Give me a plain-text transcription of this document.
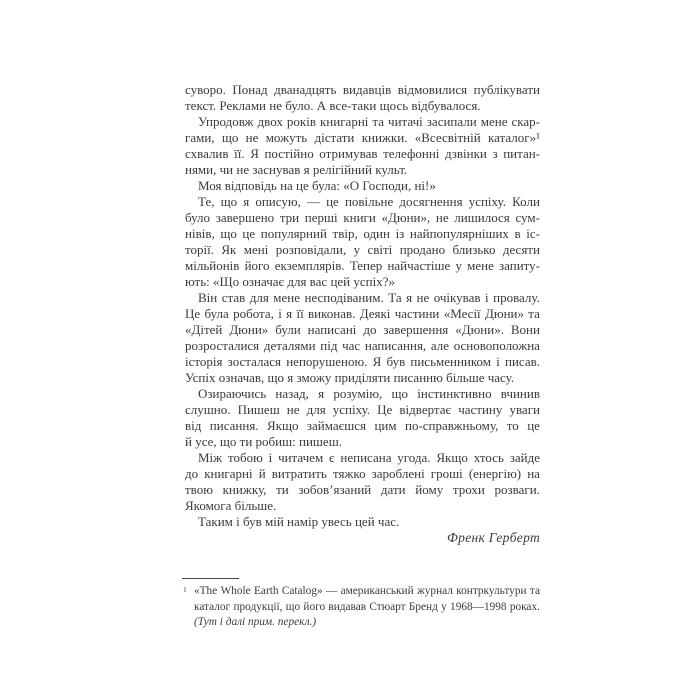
суворо. Понад дванадцять видавців відмовилися публікувати
текст. Реклами не було. А все-таки щось відбувалося.
Упродовж двох років книгарні та читачі засипали мене скар-
гами, що не можуть дістати книжки. «Всесвітній каталог»¹
схвалив її. Я постійно отримував телефонні дзвінки з питан-
нями, чи не заснував я релігійний культ.
Моя відповідь на це була: «О Господи, ні!»
Те, що я описую, — це повільне досягнення успіху. Коли
було завершено три перші книги «Дюни», не лишилося сум-
нівів, що це популярний твір, один із найпопулярніших в іс-
торії. Як мені розповідали, у світі продано близько десяти
мільйонів його екземплярів. Тепер найчастіше у мене запиту-
ють: «Що означає для вас цей успіх?»
Він став для мене несподіваним. Та я не очікував і провалу.
Це була робота, і я її виконав. Деякі частини «Месії Дюни» та
«Дітей Дюни» були написані до завершення «Дюни». Вони
розросталися деталями під час написання, але основоположна
історія зосталася непорушеною. Я був письменником і писав.
Успіх означав, що я зможу приділяти писанню більше часу.
Озираючись назад, я розумію, що інстинктивно вчинив
слушно. Пишеш не для успіху. Це відвертає частину уваги
від писання. Якщо займаєшся цим по-справжньому, то це
й усе, що ти робиш: пишеш.
Між тобою і читачем є неписана угода. Якщо хтось зайде
до книгарні й витратить тяжко зароблені гроші (енергію) на
твою книжку, ти зобов’язаний дати йому трохи розваги.
Якомога більше.
Таким і був мій намір увесь цей час.
Френк Герберт
1 «The Whole Earth Catalog» — американський журнал контркультури та
каталог продукції, що його видавав Стюарт Бренд у 1968—1998 роках.
(Тут і далі прим. перекл.)
